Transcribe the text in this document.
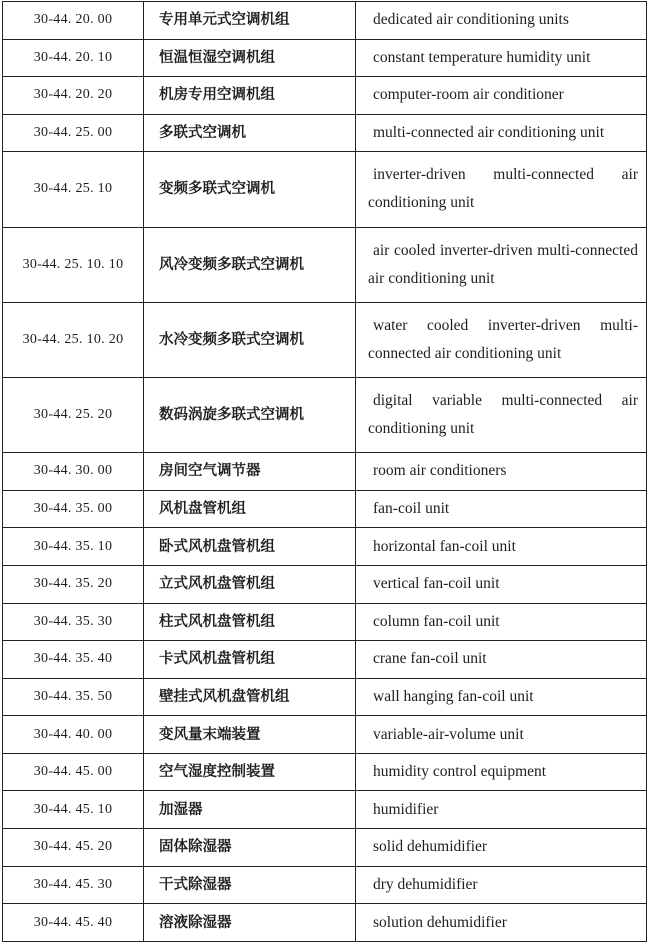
30-44. 20. 00	专用单元式空调机组	dedicated air conditioning units
30-44. 20. 10	恒温恒湿空调机组	constant temperature humidity unit
30-44. 20. 20	机房专用空调机组	computer-room air conditioner
30-44. 25. 00	多联式空调机	multi-connected air conditioning unit
30-44. 25. 10	变频多联式空调机	inverter-driven multi-connected air conditioning unit
30-44. 25. 10. 10	风冷变频多联式空调机	air cooled inverter-driven multi-connected air conditioning unit
30-44. 25. 10. 20	水冷变频多联式空调机	water cooled inverter-driven multi-connected air conditioning unit
30-44. 25. 20	数码涡旋多联式空调机	digital variable multi-connected air conditioning unit
30-44. 30. 00	房间空气调节器	room air conditioners
30-44. 35. 00	风机盘管机组	fan-coil unit
30-44. 35. 10	卧式风机盘管机组	horizontal fan-coil unit
30-44. 35. 20	立式风机盘管机组	vertical fan-coil unit
30-44. 35. 30	柱式风机盘管机组	column fan-coil unit
30-44. 35. 40	卡式风机盘管机组	crane fan-coil unit
30-44. 35. 50	壁挂式风机盘管机组	wall hanging fan-coil unit
30-44. 40. 00	变风量末端装置	variable-air-volume unit
30-44. 45. 00	空气湿度控制装置	humidity control equipment
30-44. 45. 10	加湿器	humidifier
30-44. 45. 20	固体除湿器	solid dehumidifier
30-44. 45. 30	干式除湿器	dry dehumidifier
30-44. 45. 40	溶液除湿器	solution dehumidifier
